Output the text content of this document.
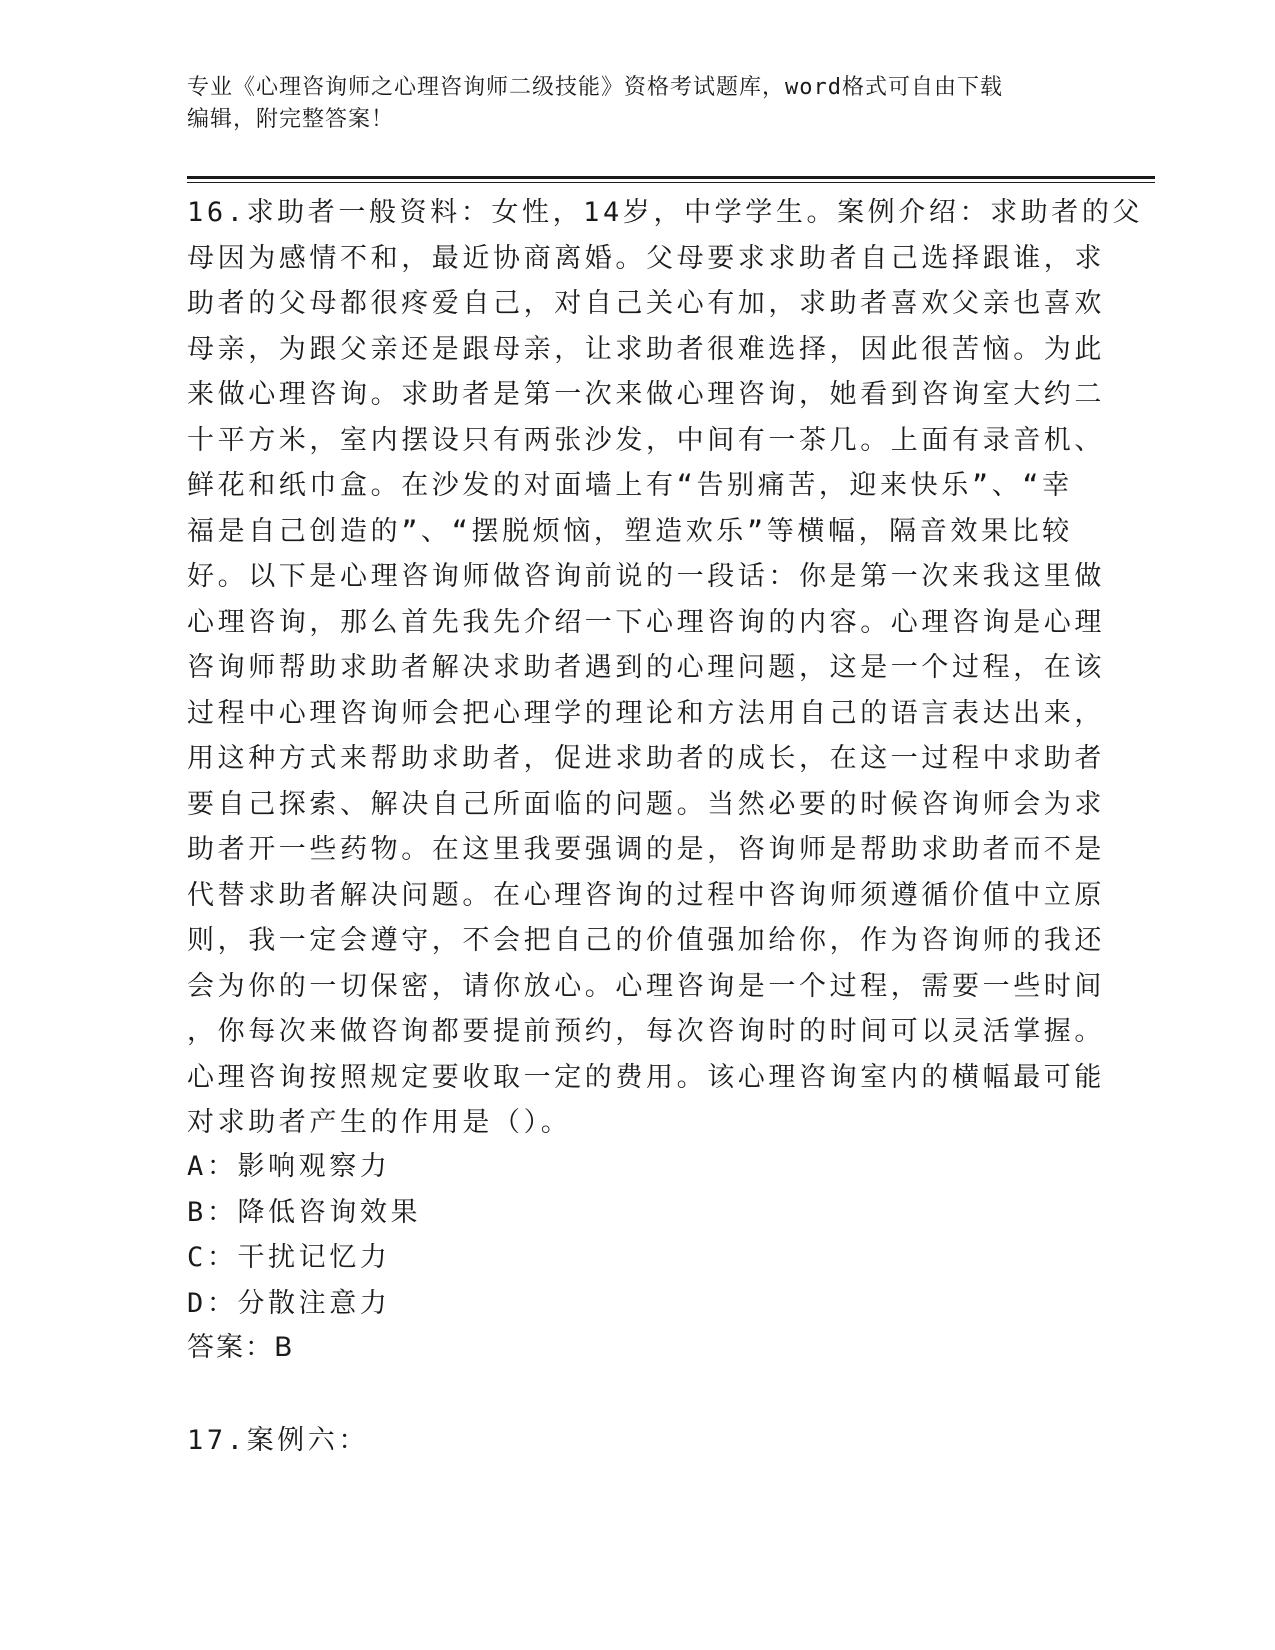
专业《心理咨询师之心理咨询师二级技能》资格考试题库，word格式可自由下载

编辑，附完整答案！

16.求助者一般资料：女性，14岁，中学学生。案例介绍：求助者的父
母因为感情不和，最近协商离婚。父母要求求助者自己选择跟谁，求
助者的父母都很疼爱自己，对自己关心有加，求助者喜欢父亲也喜欢
母亲，为跟父亲还是跟母亲，让求助者很难选择，因此很苦恼。为此
来做心理咨询。求助者是第一次来做心理咨询，她看到咨询室大约二
十平方米，室内摆设只有两张沙发，中间有一茶几。上面有录音机、
鲜花和纸巾盒。在沙发的对面墙上有“告别痛苦，迎来快乐”、“幸
福是自己创造的”、“摆脱烦恼，塑造欢乐”等横幅，隔音效果比较
好。以下是心理咨询师做咨询前说的一段话：你是第一次来我这里做
心理咨询，那么首先我先介绍一下心理咨询的内容。心理咨询是心理
咨询师帮助求助者解决求助者遇到的心理问题，这是一个过程，在该
过程中心理咨询师会把心理学的理论和方法用自己的语言表达出来，
用这种方式来帮助求助者，促进求助者的成长，在这一过程中求助者
要自己探索、解决自己所面临的问题。当然必要的时候咨询师会为求
助者开一些药物。在这里我要强调的是，咨询师是帮助求助者而不是
代替求助者解决问题。在心理咨询的过程中咨询师须遵循价值中立原
则，我一定会遵守，不会把自己的价值强加给你，作为咨询师的我还
会为你的一切保密，请你放心。心理咨询是一个过程，需要一些时间
，你每次来做咨询都要提前预约，每次咨询时的时间可以灵活掌握。
心理咨询按照规定要收取一定的费用。该心理咨询室内的横幅最可能
对求助者产生的作用是（）。
A：影响观察力
B：降低咨询效果
C：干扰记忆力
D：分散注意力
答案：B
17.案例六：
